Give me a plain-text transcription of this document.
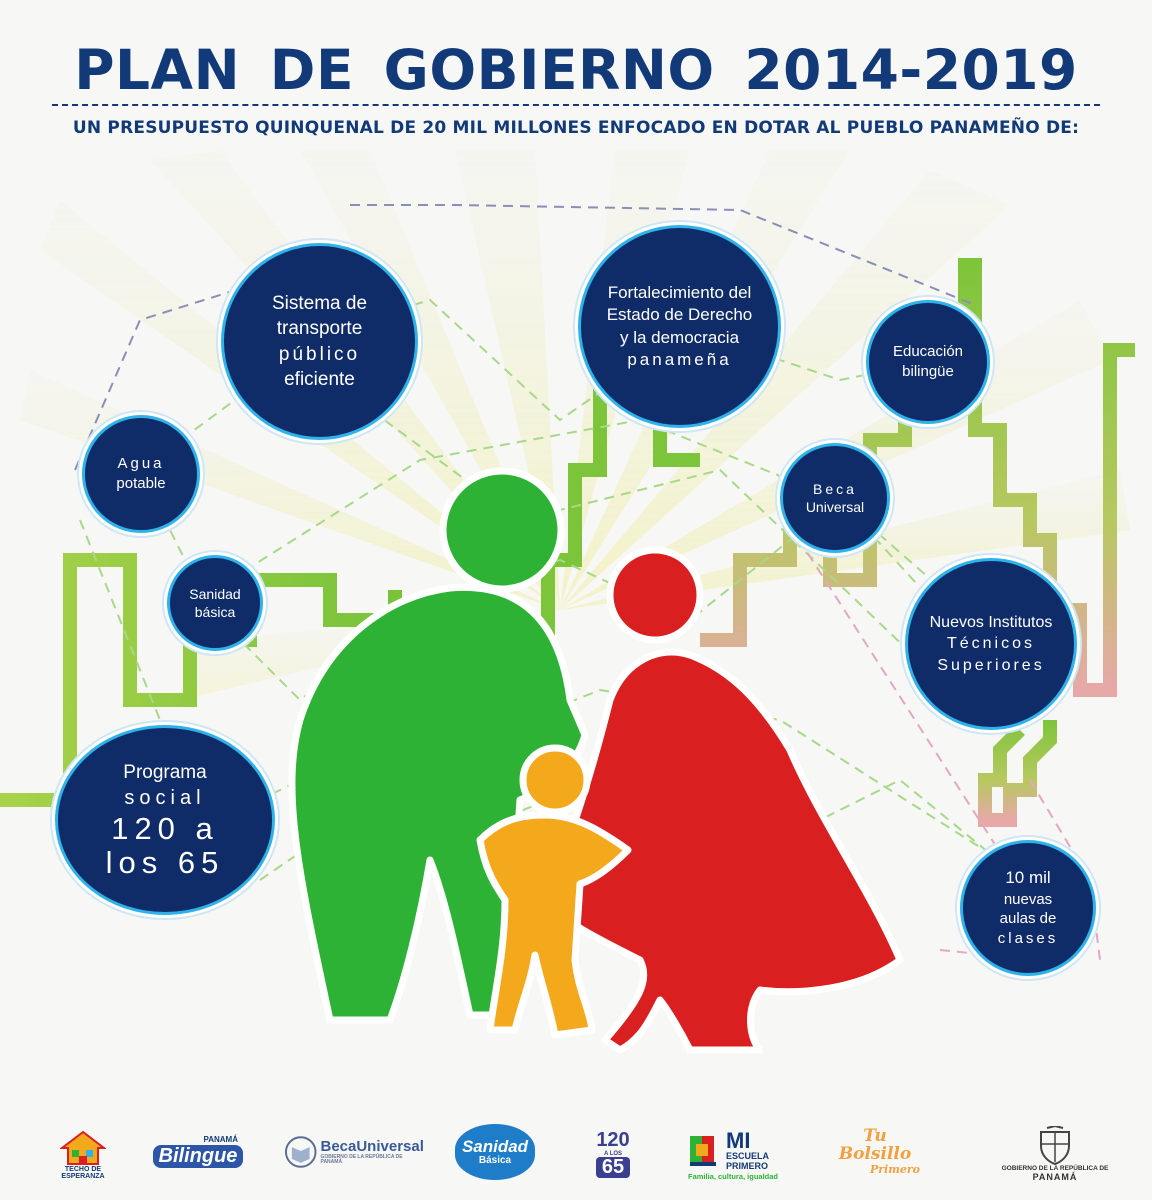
PLAN DE GOBIERNO 2014-2019
UN PRESUPUESTO QUINQUENAL DE 20 MIL MILLONES ENFOCADO EN DOTAR AL PUEBLO PANAMEÑO DE:
Sistema de
transporte
público
eficiente
Fortalecimiento del
Estado de Derecho
y la democracia
panameña	Educación
bilingüe
Agua
potable	Beca
Universal
Sanidad
básica
Nuevos Institutos
Técnicos
Superiores
Programa
social
120 a
los 65	10 mil
nuevas
aulas de
clases
TECHO DE ESPERANZA
PANAMÁ
Bilingue	BecaUniversal
GOBIERNO DE LA REPÚBLICA DE PANAMÁ
Sanidad
Básica
120
A LOS
65
MI
ESCUELA
PRIMERO
Familia, cultura, igualdad
Tu Bolsillo
Primero	GOBIERNO DE LA REPÚBLICA DE
PANAMÁ
